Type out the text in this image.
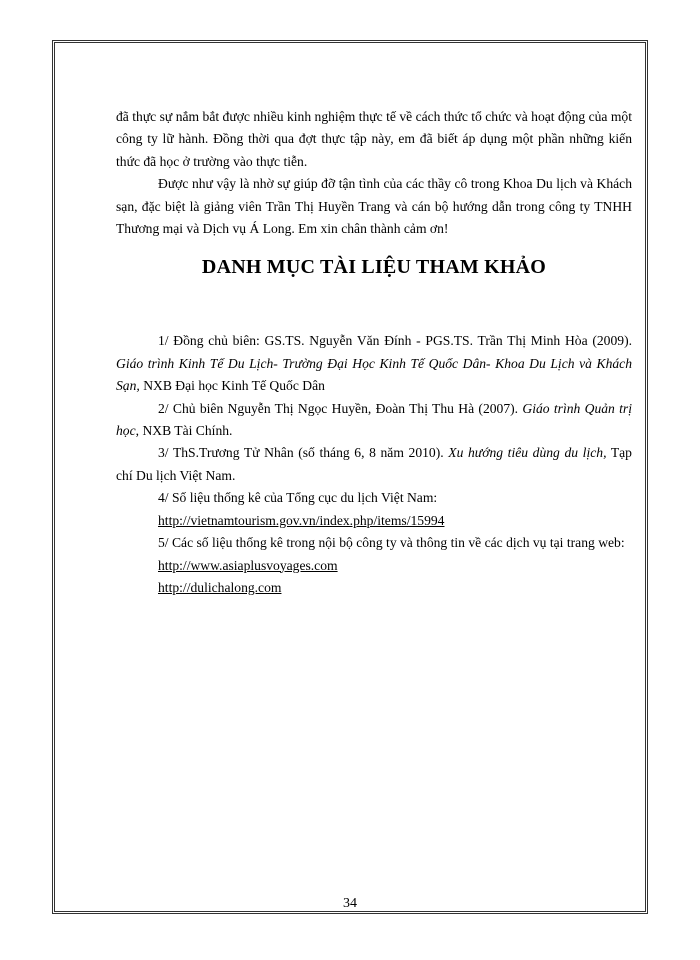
đã thực sự nắm bắt được nhiều kinh nghiệm thực tế về cách thức tổ chức và hoạt động của một công ty lữ hành. Đồng thời qua đợt thực tập này, em đã biết áp dụng một phần những kiến thức đã học ở trường vào thực tiễn.

Được như vậy là nhờ sự giúp đỡ tận tình của các thầy cô trong Khoa Du lịch và Khách sạn, đặc biệt là giảng viên Trần Thị Huyền Trang và cán bộ hướng dẫn trong công ty TNHH Thương mại và Dịch vụ Á Long. Em xin chân thành cảm ơn!

DANH MỤC TÀI LIỆU THAM KHẢO

1/ Đồng chủ biên: GS.TS. Nguyễn Văn Đính - PGS.TS. Trần Thị Minh Hòa (2009). Giáo trình Kinh Tế Du Lịch- Trường Đại Học Kinh Tế Quốc Dân- Khoa Du Lịch và Khách Sạn, NXB Đại học Kinh Tế Quốc Dân

2/ Chủ biên Nguyễn Thị Ngọc Huyền, Đoàn Thị Thu Hà (2007). Giáo trình Quản trị học, NXB Tài Chính.

3/ ThS.Trương Tử Nhân (số tháng 6, 8 năm 2010). Xu hướng tiêu dùng du lịch, Tạp chí Du lịch Việt Nam.

4/ Số liệu thống kê của Tổng cục du lịch Việt Nam:

http://vietnamtourism.gov.vn/index.php/items/15994

5/ Các số liệu thống kê trong nội bộ công ty và thông tin về các dịch vụ tại trang web:

http://www.asiaplusvoyages.com

http://dulichalong.com

34
